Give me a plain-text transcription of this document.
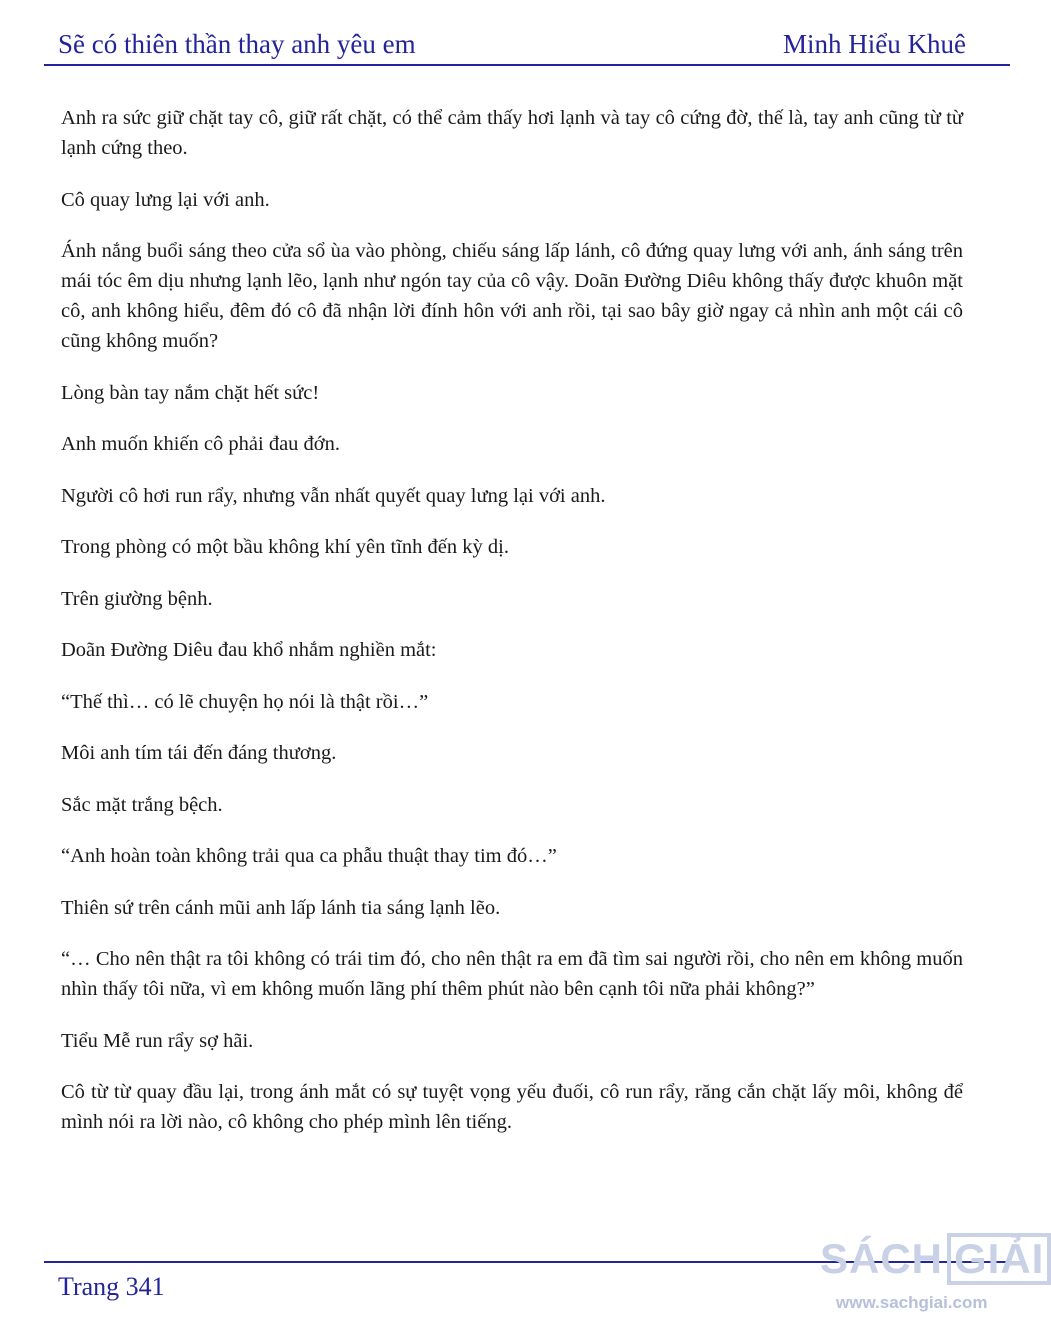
Sẽ có thiên thần thay anh yêu em	Minh Hiểu Khuê

Anh ra sức giữ chặt tay cô, giữ rất chặt, có thể cảm thấy hơi lạnh và tay cô cứng đờ, thế là, tay anh cũng từ từ lạnh cứng theo.

Cô quay lưng lại với anh.

Ánh nắng buổi sáng theo cửa sổ ùa vào phòng, chiếu sáng lấp lánh, cô đứng quay lưng với anh, ánh sáng trên mái tóc êm dịu nhưng lạnh lẽo, lạnh như ngón tay của cô vậy. Doãn Đường Diêu không thấy được khuôn mặt cô, anh không hiểu, đêm đó cô đã nhận lời đính hôn với anh rồi, tại sao bây giờ ngay cả nhìn anh một cái cô cũng không muốn?

Lòng bàn tay nắm chặt hết sức!

Anh muốn khiến cô phải đau đớn.

Người cô hơi run rẩy, nhưng vẫn nhất quyết quay lưng lại với anh.

Trong phòng có một bầu không khí yên tĩnh đến kỳ dị.

Trên giường bệnh.

Doãn Đường Diêu đau khổ nhắm nghiền mắt:

“Thế thì… có lẽ chuyện họ nói là thật rồi…”

Môi anh tím tái đến đáng thương.

Sắc mặt trắng bệch.

“Anh hoàn toàn không trải qua ca phẫu thuật thay tim đó…”

Thiên sứ trên cánh mũi anh lấp lánh tia sáng lạnh lẽo.

“… Cho nên thật ra tôi không có trái tim đó, cho nên thật ra em đã tìm sai người rồi, cho nên em không muốn nhìn thấy tôi nữa, vì em không muốn lãng phí thêm phút nào bên cạnh tôi nữa phải không?”

Tiểu Mễ run rẩy sợ hãi.

Cô từ từ quay đầu lại, trong ánh mắt có sự tuyệt vọng yếu đuối, cô run rẩy, răng cắn chặt lấy môi, không để mình nói ra lời nào, cô không cho phép mình lên tiếng.

Trang 341
SÁCH GIẢI
www.sachgiai.com
